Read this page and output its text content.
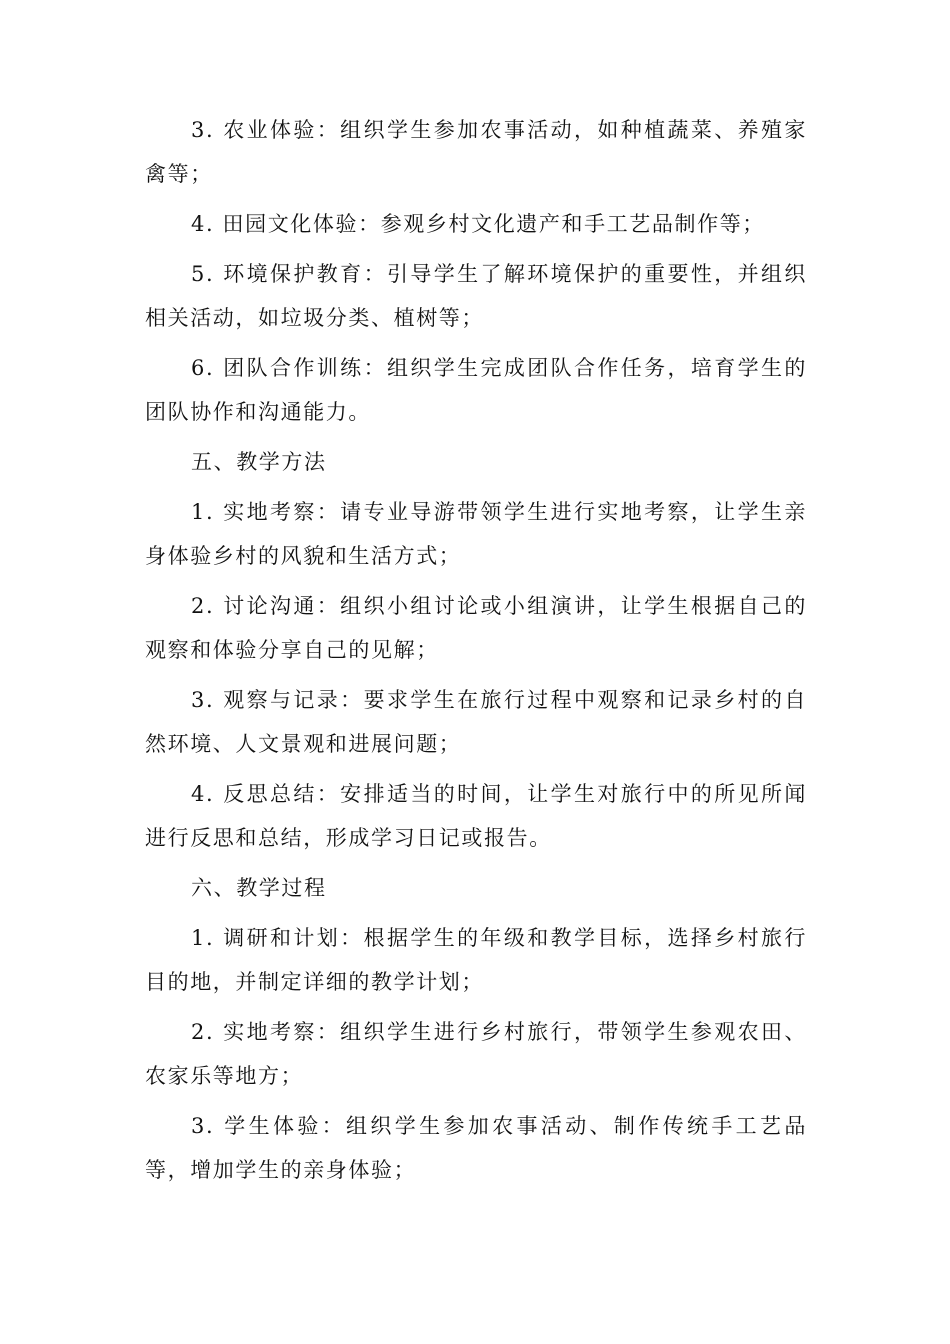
3. 农业体验：组织学生参加农事活动，如种植蔬菜、养殖家禽等；

4. 田园文化体验：参观乡村文化遗产和手工艺品制作等；

5. 环境保护教育：引导学生了解环境保护的重要性，并组织相关活动，如垃圾分类、植树等；

6. 团队合作训练：组织学生完成团队合作任务，培育学生的团队协作和沟通能力。

五、教学方法

1. 实地考察：请专业导游带领学生进行实地考察，让学生亲身体验乡村的风貌和生活方式；

2. 讨论沟通：组织小组讨论或小组演讲，让学生根据自己的观察和体验分享自己的见解；

3. 观察与记录：要求学生在旅行过程中观察和记录乡村的自然环境、人文景观和进展问题；

4. 反思总结：安排适当的时间，让学生对旅行中的所见所闻进行反思和总结，形成学习日记或报告。

六、教学过程

1. 调研和计划：根据学生的年级和教学目标，选择乡村旅行目的地，并制定详细的教学计划；

2. 实地考察：组织学生进行乡村旅行，带领学生参观农田、农家乐等地方；

3. 学生体验：组织学生参加农事活动、制作传统手工艺品等，增加学生的亲身体验；
